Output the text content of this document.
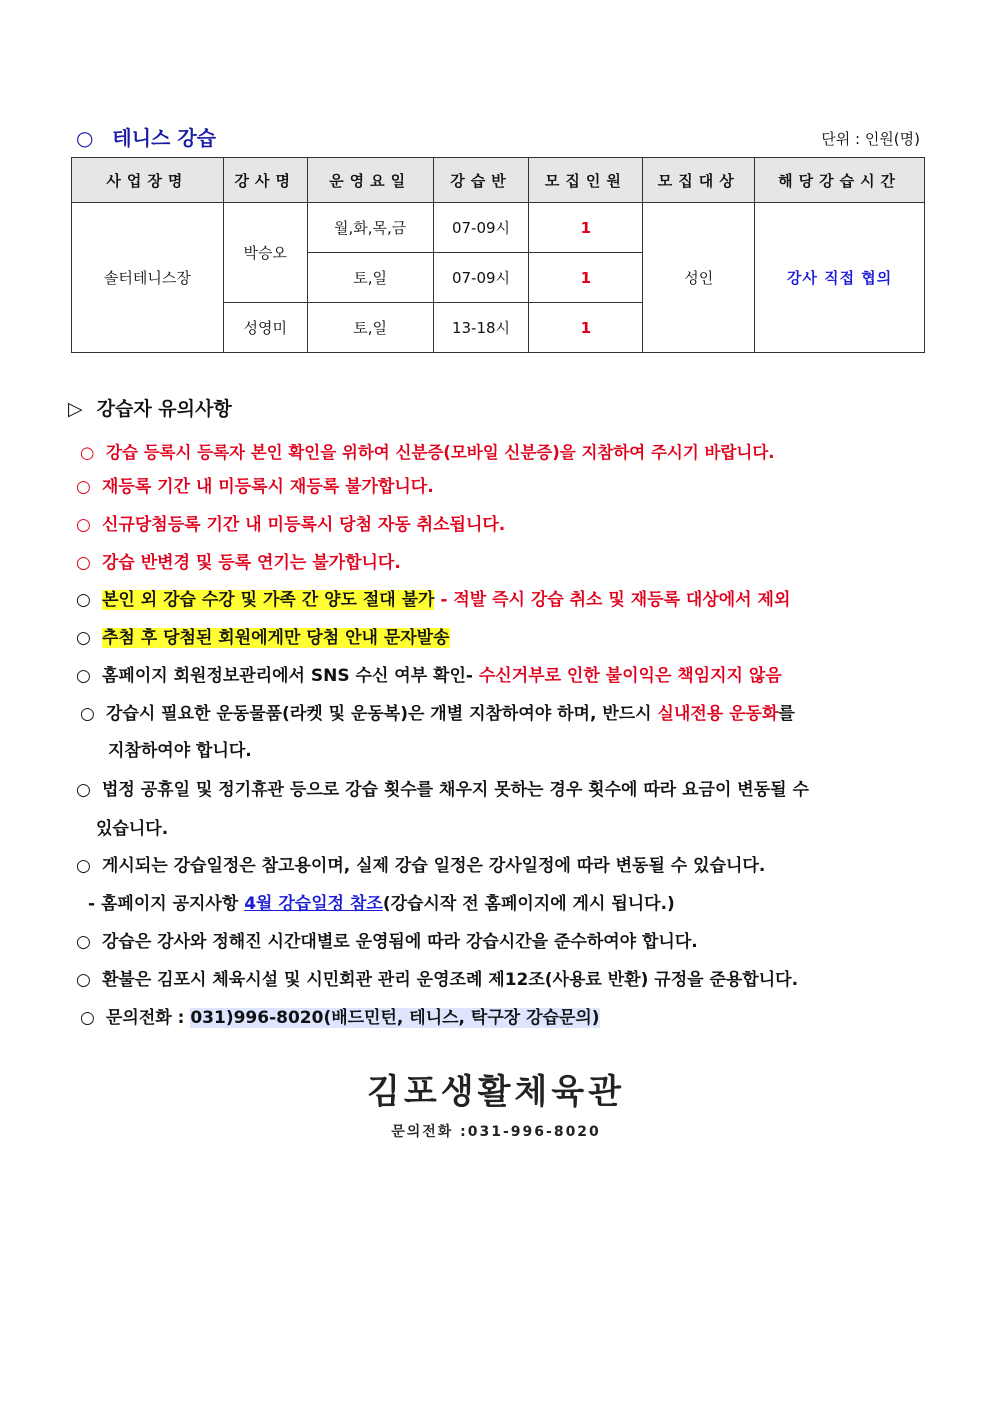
○ 테니스 강습	단위 : 인원(명)
사업장명	강사명	운영요일	강습반	모집인원	모집대상	해당강습시간
솔터테니스장	박승오	월,화,목,금	07-09시	1	성인	강사 직접 협의
		토,일	07-09시	1		
	성영미	토,일	13-18시	1		
▷ 강습자 유의사항
○ 강습 등록시 등록자 본인 확인을 위하여 신분증(모바일 신분증)을 지참하여 주시기 바랍니다.
○ 재등록 기간 내 미등록시 재등록 불가합니다.
○ 신규당첨등록 기간 내 미등록시 당첨 자동 취소됩니다.
○ 강습 반변경 및 등록 연기는 불가합니다.
○ 본인 외 강습 수강 및 가족 간 양도 절대 불가 - 적발 즉시 강습 취소 및 재등록 대상에서 제외
○ 추첨 후 당첨된 회원에게만 당첨 안내 문자발송
○ 홈페이지 회원정보관리에서 SNS 수신 여부 확인- 수신거부로 인한 불이익은 책임지지 않음
○ 강습시 필요한 운동물품(라켓 및 운동복)은 개별 지참하여야 하며, 반드시 실내전용 운동화를
지참하여야 합니다.
○ 법정 공휴일 및 정기휴관 등으로 강습 횟수를 채우지 못하는 경우 횟수에 따라 요금이 변동될 수
있습니다.
○ 게시되는 강습일정은 참고용이며, 실제 강습 일정은 강사일정에 따라 변동될 수 있습니다.
- 홈페이지 공지사항 4월 강습일정 참조(강습시작 전 홈페이지에 게시 됩니다.)
○ 강습은 강사와 정해진 시간대별로 운영됨에 따라 강습시간을 준수하여야 합니다.
○ 환불은 김포시 체육시설 및 시민회관 관리 운영조례 제12조(사용료 반환) 규정을 준용합니다.
○ 문의전화 : 031)996-8020(배드민턴, 테니스, 탁구장 강습문의)
김포생활체육관
문의전화 :031-996-8020
